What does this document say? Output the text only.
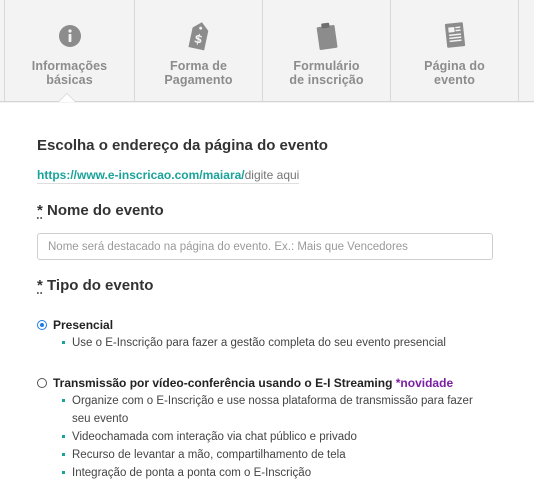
Informações
básicas
$
Forma de
Pagamento
Formulário
de inscrição
Página do
evento
Escolha o endereço da página do evento
https://www.e-inscricao.com/maiara/digite aqui
* Nome do evento
Nome será destacado na página do evento. Ex.: Mais que Vencedores
* Tipo do evento
Presencial
Use o E-Inscrição para fazer a gestão completa do seu evento presencial
Transmissão por vídeo-conferência usando o E-I Streaming *novidade
Organize com o E-Inscrição e use nossa plataforma de transmissão para fazer
seu evento
Videochamada com interação via chat público e privado
Recurso de levantar a mão, compartilhamento de tela
Integração de ponta a ponta com o E-Inscrição
